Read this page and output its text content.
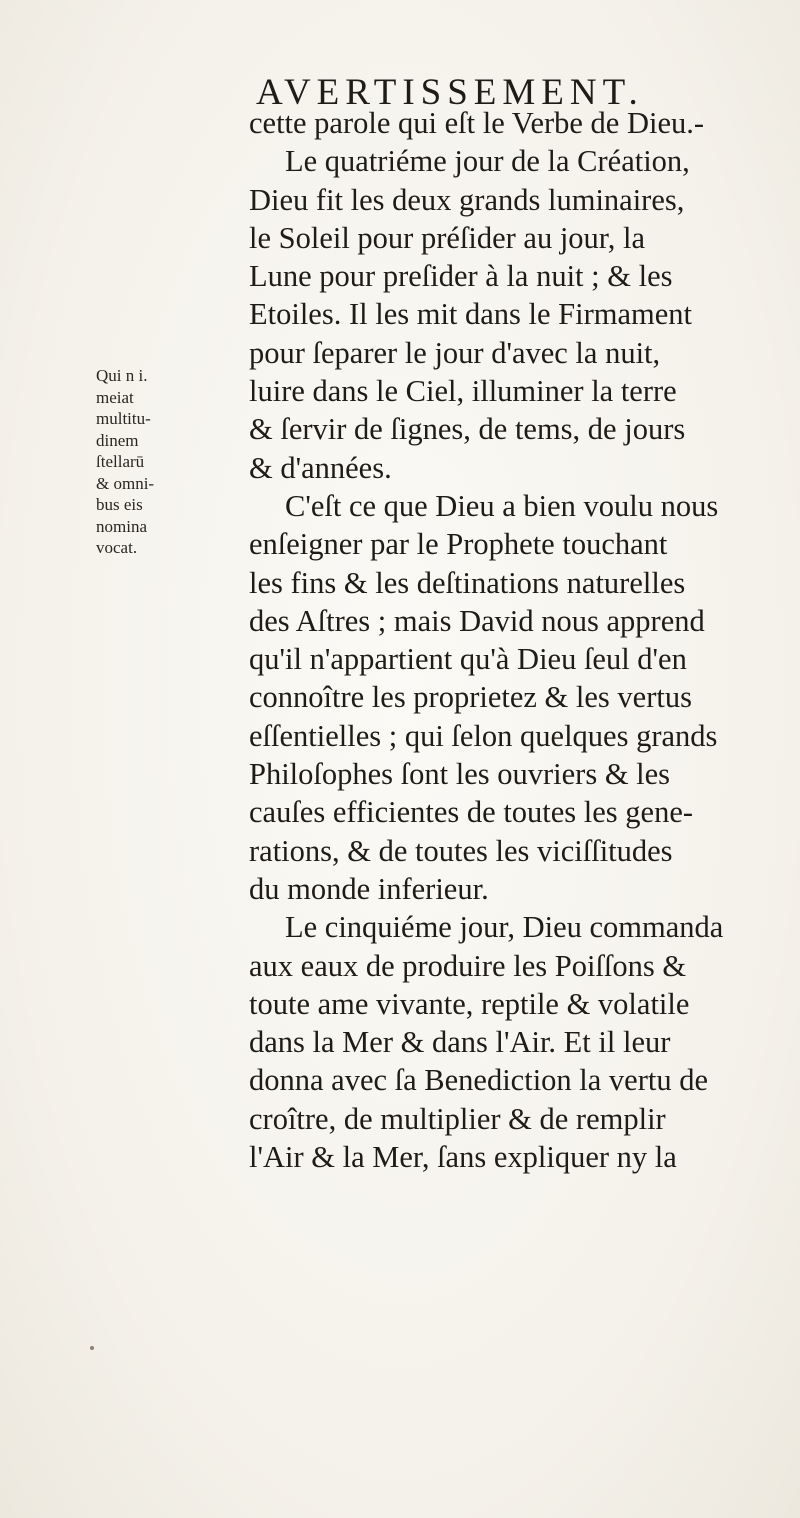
AVERTISSEMENT.
cette parole qui eſt le Verbe de Dieu.-
Le quatriéme jour de la Création,
Dieu fit les deux grands luminaires,
le Soleil pour préſider au jour, la
Lune pour preſider à la nuit ; & les
Etoiles. Il les mit dans le Firmament
pour ſeparer le jour d'avec la nuit,
luire dans le Ciel, illuminer la terre
& ſervir de ſignes, de tems, de jours
& d'années.
C'eſt ce que Dieu a bien voulu nous
enſeigner par le Prophete touchant
les fins & les deſtinations naturelles
des Aſtres ; mais David nous apprend
qu'il n'appartient qu'à Dieu ſeul d'en
connoître les proprietez & les vertus
eſſentielles ; qui ſelon quelques grands
Philoſophes ſont les ouvriers & les
cauſes efficientes de toutes les gene-
rations, & de toutes les viciſſitudes
du monde inferieur.
Le cinquiéme jour, Dieu commanda
aux eaux de produire les Poiſſons &
toute ame vivante, reptile & volatile
dans la Mer & dans l'Air. Et il leur
donna avec ſa Benediction la vertu de
croître, de multiplier & de remplir
l'Air & la Mer, ſans expliquer ny la
Qui n i.
meiat
multitu-
dinem
ſtellarū
& omni-
bus eis
nomina
vocat.
